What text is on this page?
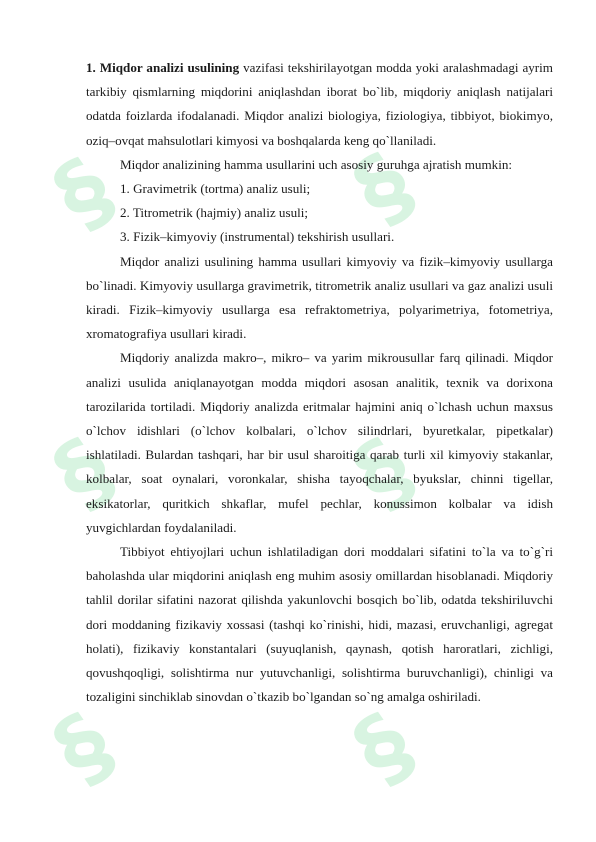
§ §
§ §
§ §

1. Miqdor analizi usulining vazifasi tekshirilayotgan modda yoki aralashmadagi ayrim tarkibiy qismlarning miqdorini aniqlashdan iborat bo`lib, miqdoriy aniqlash natijalari odatda foizlarda ifodalanadi. Miqdor analizi biologiya, fiziologiya, tibbiyot, biokimyo, oziq–ovqat mahsulotlari kimyosi va boshqalarda keng qo`llaniladi.

Miqdor analizining hamma usullarini uch asosiy guruhga ajratish mumkin:

1. Gravimetrik (tortma) analiz usuli;

2. Titrometrik (hajmiy) analiz usuli;

3. Fizik–kimyoviy (instrumental) tekshirish usullari.

Miqdor analizi usulining hamma usullari kimyoviy va fizik–kimyoviy usullarga bo`linadi. Kimyoviy usullarga gravimetrik, titrometrik analiz usullari va gaz analizi usuli kiradi. Fizik–kimyoviy usullarga esa refraktometriya, polyarimetriya, fotometriya, xromatografiya usullari kiradi.

Miqdoriy analizda makro–, mikro– va yarim mikrousullar farq qilinadi. Miqdor analizi usulida aniqlanayotgan modda miqdori asosan analitik, texnik va dorixona tarozilarida tortiladi. Miqdoriy analizda eritmalar hajmini aniq o`lchash uchun maxsus o`lchov idishlari (o`lchov kolbalari, o`lchov silindrlari, byuretkalar, pipetkalar) ishlatiladi. Bulardan tashqari, har bir usul sharoitiga qarab turli xil kimyoviy stakanlar, kolbalar, soat oynalari, voronkalar, shisha tayoqchalar, byukslar, chinni tigellar, eksikatorlar, quritkich shkaflar, mufel pechlar, konussimon kolbalar va idish yuvgichlardan foydalaniladi.

Tibbiyot ehtiyojlari uchun ishlatiladigan dori moddalari sifatini to`la va to`g`ri baholashda ular miqdorini aniqlash eng muhim asosiy omillardan hisoblanadi. Miqdoriy tahlil dorilar sifatini nazorat qilishda yakunlovchi bosqich bo`lib, odatda tekshiriluvchi dori moddaning fizikaviy xossasi (tashqi ko`rinishi, hidi, mazasi, eruvchanligi, agregat holati), fizikaviy konstantalari (suyuqlanish, qaynash, qotish haroratlari, zichligi, qovushqoqligi, solishtirma nur yutuvchanligi, solishtirma buruvchanligi), chinligi va tozaligini sinchiklab sinovdan o`tkazib bo`lgandan so`ng amalga oshiriladi.
